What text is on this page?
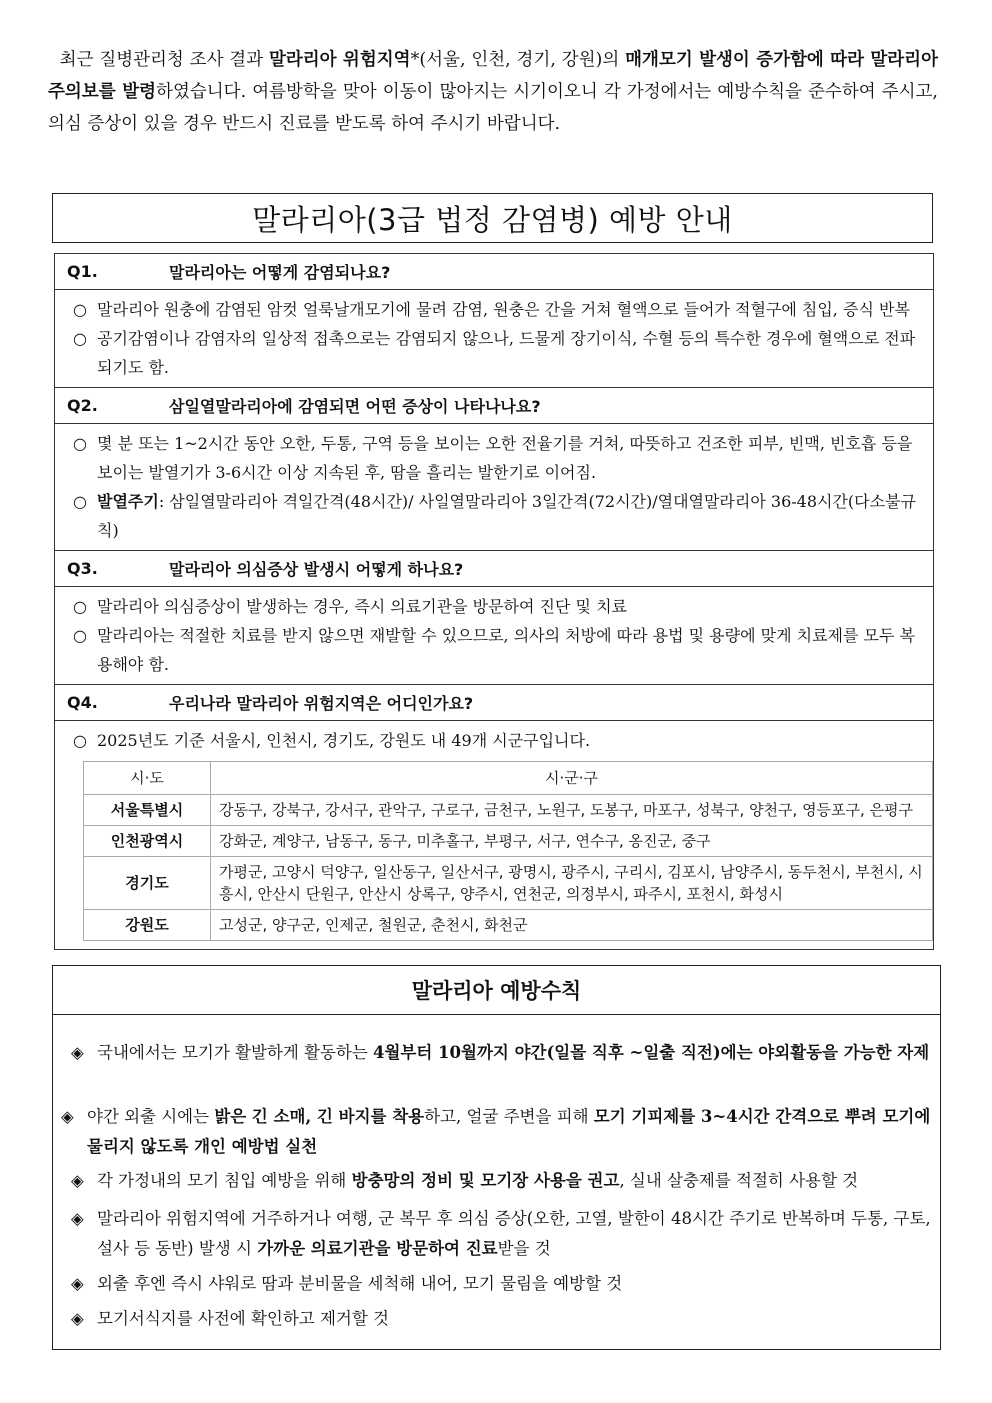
최근 질병관리청 조사 결과 말라리아 위험지역*(서울, 인천, 경기, 강원)의 매개모기 발생이 증가함에 따라 말라리아 주의보를 발령하였습니다. 여름방학을 맞아 이동이 많아지는 시기이오니 각 가정에서는 예방수칙을 준수하여 주시고, 의심 증상이 있을 경우 반드시 진료를 받도록 하여 주시기 바랍니다.
말라리아(3급 법정 감염병) 예방 안내
Q1.	말라리아는 어떻게 감염되나요?
○ 말라리아 원충에 감염된 암컷 얼룩날개모기에 물려 감염, 원충은 간을 거쳐 혈액으로 들어가 적혈구에 침입, 증식 반복
○ 공기감염이나 감염자의 일상적 접촉으로는 감염되지 않으나, 드물게 장기이식, 수혈 등의 특수한 경우에 혈액으로 전파되기도 함.
Q2.	삼일열말라리아에 감염되면 어떤 증상이 나타나나요?
○ 몇 분 또는 1~2시간 동안 오한, 두통, 구역 등을 보이는 오한 전율기를 거쳐, 따뜻하고 건조한 피부, 빈맥, 빈호흡 등을 보이는 발열기가 3-6시간 이상 지속된 후, 땀을 흘리는 발한기로 이어짐.
○ 발열주기: 삼일열말라리아 격일간격(48시간)/ 사일열말라리아 3일간격(72시간)/열대열말라리아 36-48시간(다소불규칙)
Q3.	말라리아 의심증상 발생시 어떻게 하나요?
○ 말라리아 의심증상이 발생하는 경우, 즉시 의료기관을 방문하여 진단 및 치료
○ 말라리아는 적절한 치료를 받지 않으면 재발할 수 있으므로, 의사의 처방에 따라 용법 및 용량에 맞게 치료제를 모두 복용해야 함.
Q4.	우리나라 말라리아 위험지역은 어디인가요?
○ 2025년도 기준 서울시, 인천시, 경기도, 강원도 내 49개 시군구입니다.
시·도	시·군·구
서울특별시	강동구, 강북구, 강서구, 관악구, 구로구, 금천구, 노원구, 도봉구, 마포구, 성북구, 양천구, 영등포구, 은평구
인천광역시	강화군, 계양구, 남동구, 동구, 미추홀구, 부평구, 서구, 연수구, 옹진군, 중구
경기도	가평군, 고양시 덕양구, 일산동구, 일산서구, 광명시, 광주시, 구리시, 김포시, 남양주시, 동두천시, 부천시, 시흥시, 안산시 단원구, 안산시 상록구, 양주시, 연천군, 의정부시, 파주시, 포천시, 화성시
강원도	고성군, 양구군, 인제군, 철원군, 춘천시, 화천군
말라리아 예방수칙
◈ 국내에서는 모기가 활발하게 활동하는 4월부터 10월까지 야간(일몰 직후 ~일출 직전)에는 야외활동을 가능한 자제
◈ 야간 외출 시에는 밝은 긴 소매, 긴 바지를 착용하고, 얼굴 주변을 피해 모기 기피제를 3~4시간 간격으로 뿌려 모기에 물리지 않도록 개인 예방법 실천
◈ 각 가정내의 모기 침입 예방을 위해 방충망의 정비 및 모기장 사용을 권고, 실내 살충제를 적절히 사용할 것
◈ 말라리아 위험지역에 거주하거나 여행, 군 복무 후 의심 증상(오한, 고열, 발한이 48시간 주기로 반복하며 두통, 구토, 설사 등 동반) 발생 시 가까운 의료기관을 방문하여 진료받을 것
◈ 외출 후엔 즉시 샤워로 땀과 분비물을 세척해 내어, 모기 물림을 예방할 것
◈ 모기서식지를 사전에 확인하고 제거할 것
